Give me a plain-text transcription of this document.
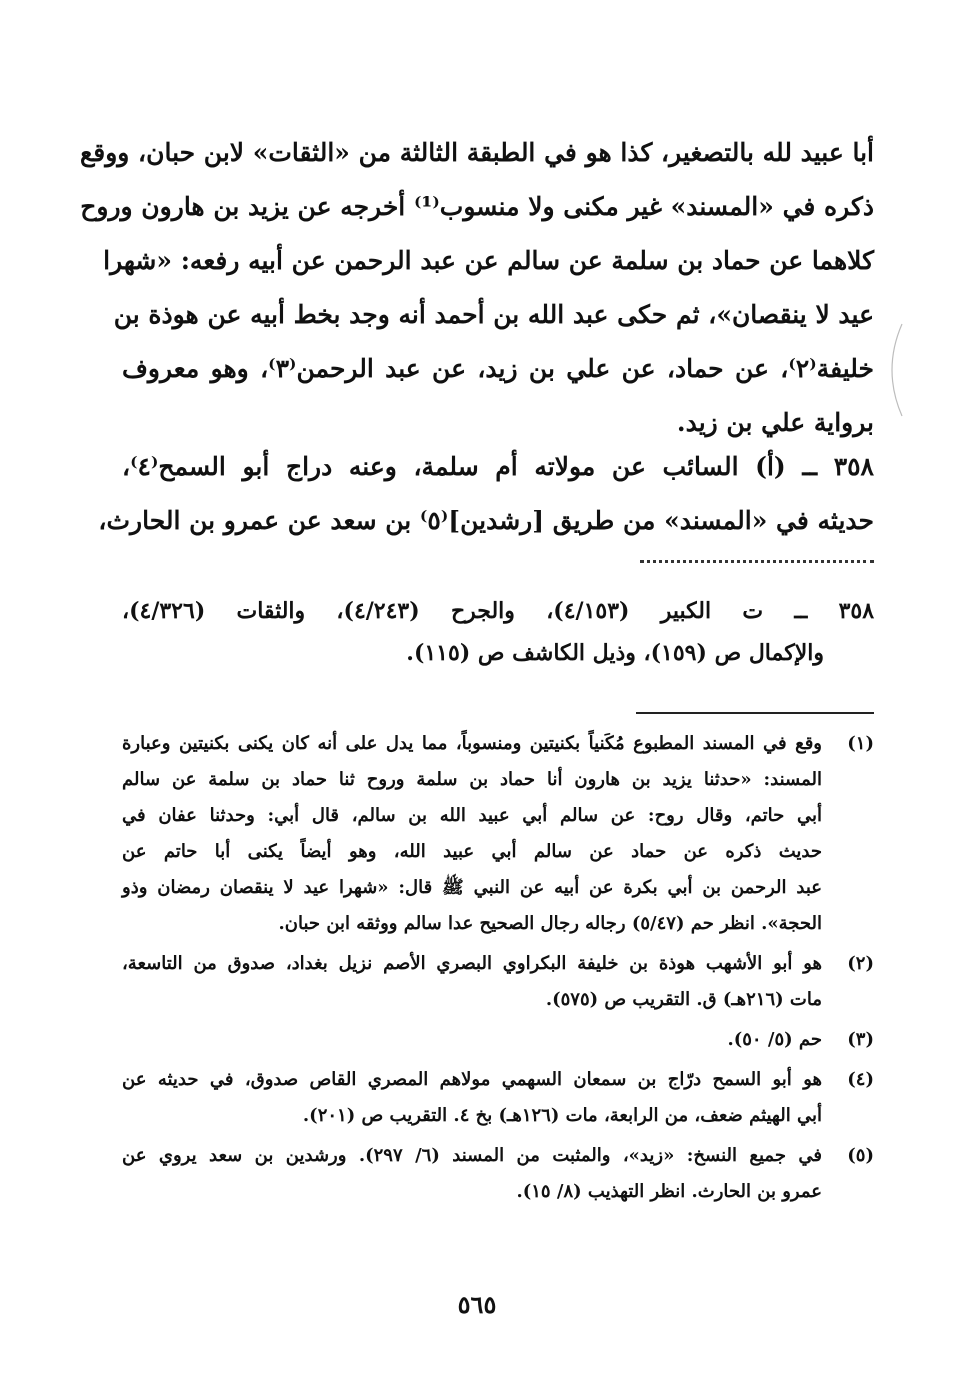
أبا عبيد لله بالتصغير، كذا هو في الطبقة الثالثة من «الثقات» لابن حبان، ووقع
ذكره في «المسند» غير مكنى ولا منسوب⁽¹⁾ أخرجه عن يزيد بن هارون وروح
كلاهما عن حماد بن سلمة عن سالم عن عبد الرحمن عن أبيه رفعه: «شهرا
عيد لا ينقصان»، ثم حكى عبد الله بن أحمد أنه وجد بخط أبيه عن هوذة بن
خليفة⁽٢⁾، عن حماد، عن علي بن زيد، عن عبد الرحمن⁽٣⁾، وهو معروف
برواية علي بن زيد.
٣٥٨ ــ (أ) السائب عن مولاته أم سلمة، وعنه دراج أبو السمح⁽٤⁾،
حديثه في «المسند» من طريق [رشدين]⁽٥⁾ بن سعد عن عمرو بن الحارث،
٣٥٨ ــ ت الكبير (٤/١٥٣)، والجرح (٤/٢٤٣)، والثقات (٤/٣٢٦)،
والإكمال ص (١٥٩)، وذيل الكاشف ص (١١٥).
(١)
وقع في المسند المطبوع مُكَنياً بكنيتين ومنسوباً، مما يدل على أنه كان يكنى بكنيتين وعبارة
المسند: «حدثنا يزيد بن هارون أنا حماد بن سلمة وروح ثنا حماد بن سلمة عن سالم
أبي حاتم، وقال روح: عن سالم أبي عبيد الله بن سالم، قال أبي: وحدثنا عفان في
حديث ذكره عن حماد عن سالم أبي عبيد الله، وهو أيضاً يكنى أبا حاتم عن
عبد الرحمن بن أبي بكرة عن أبيه عن النبي ﷺ قال: «شهرا عيد لا ينقصان رمضان وذو
الحجة». انظر حم (٥/٤٧) رجاله رجال الصحيح عدا سالم ووثقه ابن حبان.
(٢)
هو أبو الأشهب هوذة بن خليفة البكراوي البصري الأصم نزيل بغداد، صدوق من التاسعة،
مات (٢١٦هـ) ق. التقريب ص (٥٧٥).
(٣)
حم (٥/ ٥٠).
(٤)
هو أبو السمح درّاج بن سمعان السهمي مولاهم المصري القاص صدوق، في حديثه عن
أبي الهيثم ضعف، من الرابعة، مات (١٢٦هـ) بخ ٤. التقريب ص (٢٠١).
(٥)
في جميع النسخ: «زيد»، والمثبت من المسند (٦/ ٢٩٧). ورشدين بن سعد يروي عن
عمرو بن الحارث. انظر التهذيب (٨/ ١٥).
٥٦٥
